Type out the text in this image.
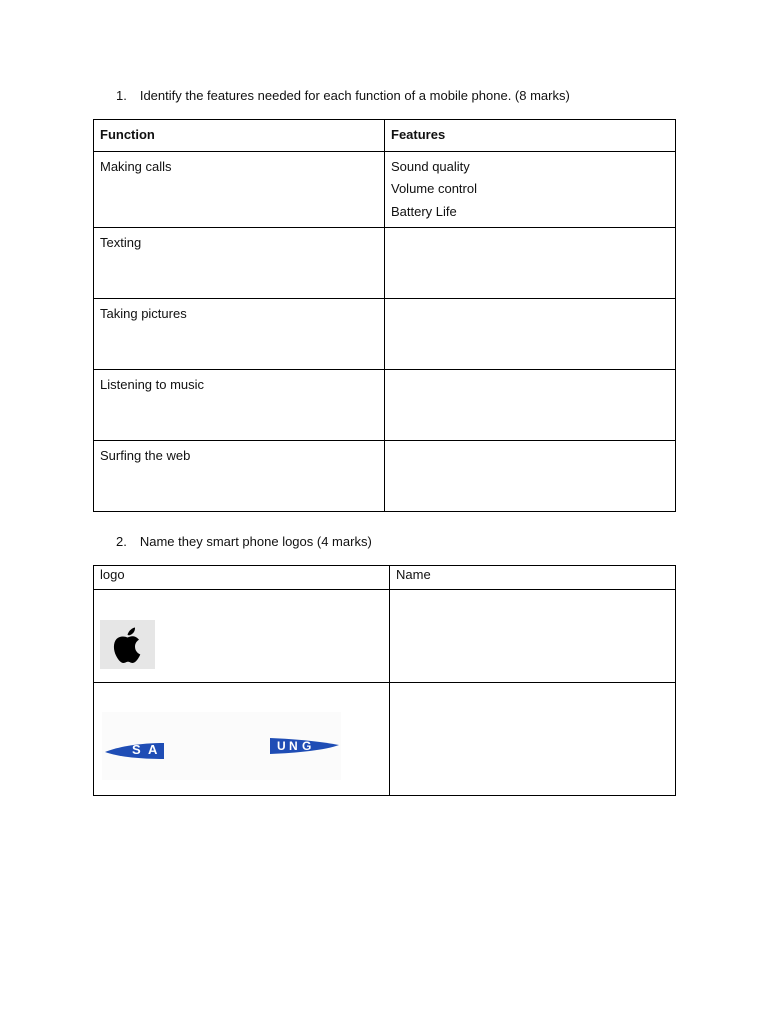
1. Identify the features needed for each function of a mobile phone. (8 marks)
Function	Features
Making calls	Sound quality
Volume control
Battery Life

Texting	
Taking pictures	
Listening to music	
Surfing the web	
2. Name they smart phone logos (4 marks)
logo	Name

S A U N G	
